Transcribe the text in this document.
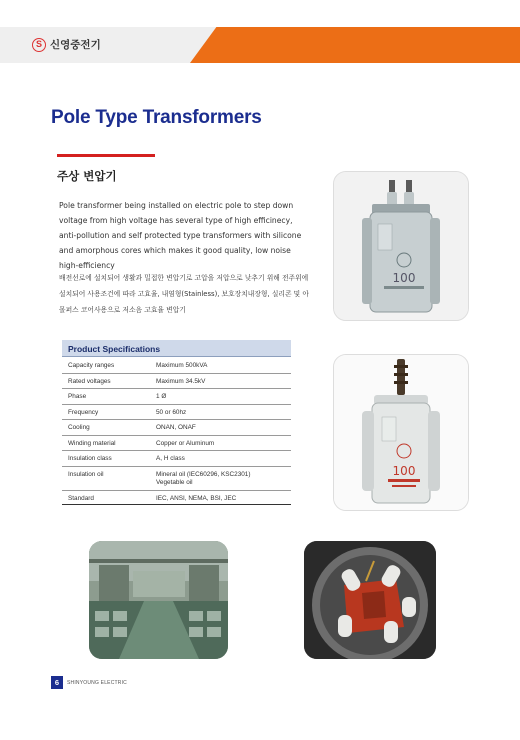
S 신영중전기
Pole Type Transformers
주상 변압기

Pole transformer being installed on electric pole to step down voltage from high voltage has several type of high efficinecy, anti-pollution and self protected type transformers with silicone and amorphous cores which makes it good quality, low noise high-efficiency

배전선로에 설치되어 생활과 밀접한 변압기로 고압을 저압으로 낮추기 위해 전주위에 설치되어 사용조건에 따라 고효율, 내염형(Stainless), 보호장치내장형, 실리콘 및 아몰퍼스 코어사용으로 저소음 고효율 변압기

Product Specifications
Capacity ranges	Maximum 500kVA
Rated voltages	Maximum 34.5kV
Phase	1 Ø
Frequency	50 or 60hz
Cooling	ONAN, ONAF
Winding material	Copper or Aluminum
Insulation class	A, H class
Insulation oil	Mineral oil (IEC60296, KSC2301)
Vegetable oil
Standard	IEC, ANSI, NEMA, BSI, JEC
100
100
6	SHINYOUNG ELECTRIC
